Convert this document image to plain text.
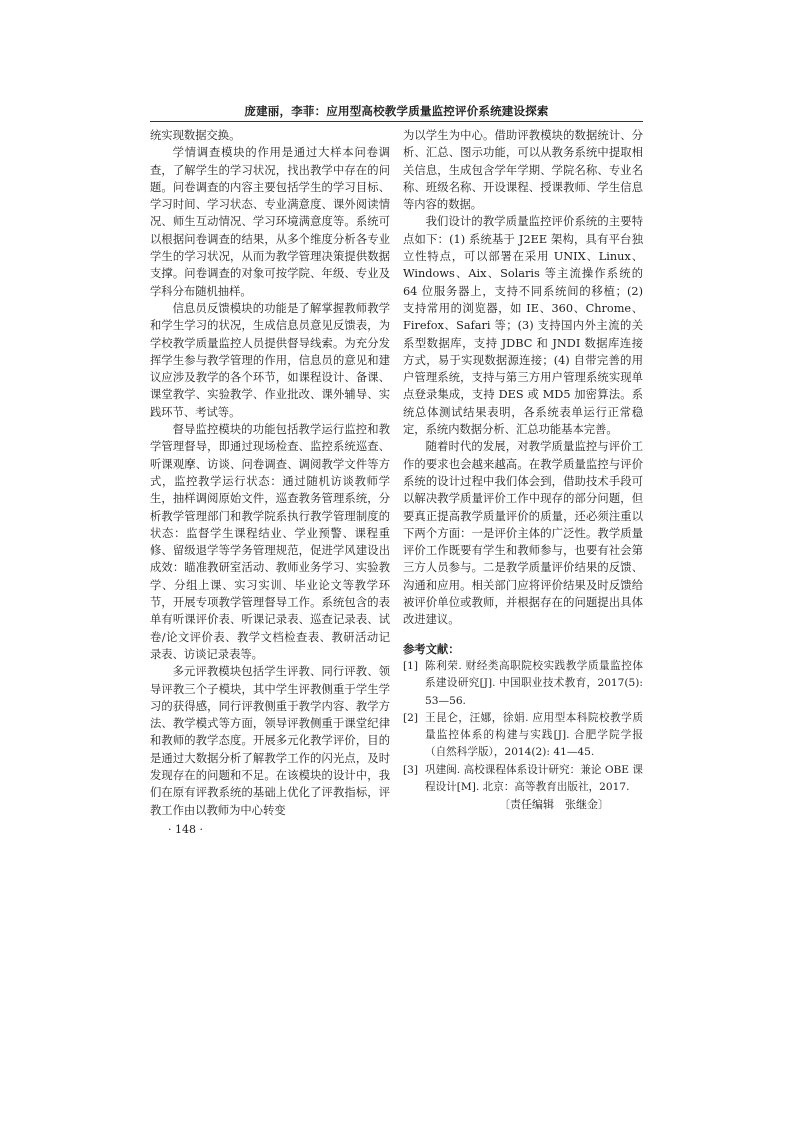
庞建丽，李菲：应用型高校教学质量监控评价系统建设探索

统实现数据交换。

学情调查模块的作用是通过大样本问卷调查，了解学生的学习状况，找出教学中存在的问题。问卷调查的内容主要包括学生的学习目标、学习时间、学习状态、专业满意度、课外阅读情况、师生互动情况、学习环境满意度等。系统可以根据问卷调查的结果，从多个维度分析各专业学生的学习状况，从而为教学管理决策提供数据支撑。问卷调查的对象可按学院、年级、专业及学科分布随机抽样。

信息员反馈模块的功能是了解掌握教师教学和学生学习的状况，生成信息员意见反馈表，为学校教学质量监控人员提供督导线索。为充分发挥学生参与教学管理的作用，信息员的意见和建议应涉及教学的各个环节，如课程设计、备课、课堂教学、实验教学、作业批改、课外辅导、实践环节、考试等。

督导监控模块的功能包括教学运行监控和教学管理督导，即通过现场检查、监控系统巡查、听课观摩、访谈、问卷调查、调阅教学文件等方式，监控教学运行状态：通过随机访谈教师学生，抽样调阅原始文件，巡查教务管理系统，分析教学管理部门和教学院系执行教学管理制度的状态：监督学生课程结业、学业预警、课程重修、留级退学等学务管理规范，促进学风建设出成效：瞄准教研室活动、教师业务学习、实验教学、分组上课、实习实训、毕业论文等教学环节，开展专项教学管理督导工作。系统包含的表单有听课评价表、听课记录表、巡查记录表、试卷/论文评价表、教学文档检查表、教研活动记录表、访谈记录表等。

多元评教模块包括学生评教、同行评教、领导评教三个子模块，其中学生评教侧重于学生学习的获得感，同行评教侧重于教学内容、教学方法、教学模式等方面，领导评教侧重于课堂纪律和教师的教学态度。开展多元化教学评价，目的是通过大数据分析了解教学工作的闪光点，及时发现存在的问题和不足。在该模块的设计中，我们在原有评教系统的基础上优化了评教指标，评教工作由以教师为中心转变

为以学生为中心。借助评教模块的数据统计、分析、汇总、图示功能，可以从教务系统中提取相关信息，生成包含学年学期、学院名称、专业名称、班级名称、开设课程、授课教师、学生信息等内容的数据。

我们设计的教学质量监控评价系统的主要特点如下：(1) 系统基于 J2EE 架构，具有平台独立性特点，可以部署在采用 UNIX、Linux、Windows、Aix、Solaris 等主流操作系统的 64 位服务器上，支持不同系统间的移植；(2) 支持常用的浏览器，如 IE、360、Chrome、Firefox、Safari 等；(3) 支持国内外主流的关系型数据库，支持 JDBC 和 JNDI 数据库连接方式，易于实现数据源连接；(4) 自带完善的用户管理系统，支持与第三方用户管理系统实现单点登录集成，支持 DES 或 MD5 加密算法。系统总体测试结果表明，各系统表单运行正常稳定，系统内数据分析、汇总功能基本完善。

随着时代的发展，对教学质量监控与评价工作的要求也会越来越高。在教学质量监控与评价系统的设计过程中我们体会到，借助技术手段可以解决教学质量评价工作中现存的部分问题，但要真正提高教学质量评价的质量，还必须注重以下两个方面：一是评价主体的广泛性。教学质量评价工作既要有学生和教师参与，也要有社会第三方人员参与。二是教学质量评价结果的反馈、沟通和应用。相关部门应将评价结果及时反馈给被评价单位或教师，并根据存在的问题提出具体改进建议。

参考文献：

[1] 陈利荣. 财经类高职院校实践教学质量监控体系建设研究[J]. 中国职业技术教育，2017(5): 53—56.
[2] 王昆仑，汪娜，徐娟. 应用型本科院校教学质量监控体系的构建与实践[J]. 合肥学院学报（自然科学版），2014(2): 41—45.
[3] 巩建闽. 高校课程体系设计研究：兼论 OBE 课程设计[M]. 北京：高等教育出版社，2017.
〔责任编辑　张继金〕
· 148 ·
